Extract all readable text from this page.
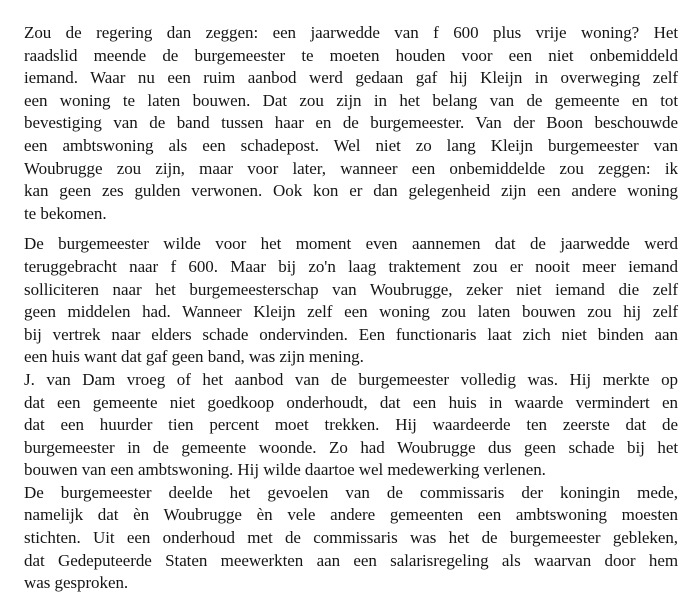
Zou de regering dan zeggen: een jaarwedde van f 600 plus vrije woning? Het
raadslid meende de burgemeester te moeten houden voor een niet onbemiddeld
iemand. Waar nu een ruim aanbod werd gedaan gaf hij Kleijn in overweging zelf
een woning te laten bouwen. Dat zou zijn in het belang van de gemeente en tot
bevestiging van de band tussen haar en de burgemeester. Van der Boon beschouwde
een ambtswoning als een schadepost. Wel niet zo lang Kleijn burgemeester van
Woubrugge zou zijn, maar voor later, wanneer een onbemiddelde zou zeggen: ik
kan geen zes gulden verwonen. Ook kon er dan gelegenheid zijn een andere woning
te bekomen.
De burgemeester wilde voor het moment even aannemen dat de jaarwedde werd
teruggebracht naar f 600. Maar bij zo'n laag traktement zou er nooit meer iemand
solliciteren naar het burgemeesterschap van Woubrugge, zeker niet iemand die zelf
geen middelen had. Wanneer Kleijn zelf een woning zou laten bouwen zou hij zelf
bij vertrek naar elders schade ondervinden. Een functionaris laat zich niet binden aan
een huis want dat gaf geen band, was zijn mening.
J. van Dam vroeg of het aanbod van de burgemeester volledig was. Hij merkte op
dat een gemeente niet goedkoop onderhoudt, dat een huis in waarde vermindert en
dat een huurder tien percent moet trekken. Hij waardeerde ten zeerste dat de
burgemeester in de gemeente woonde. Zo had Woubrugge dus geen schade bij het
bouwen van een ambtswoning. Hij wilde daartoe wel medewerking verlenen.
De burgemeester deelde het gevoelen van de commissaris der koningin mede,
namelijk dat èn Woubrugge èn vele andere gemeenten een ambtswoning moesten
stichten. Uit een onderhoud met de commissaris was het de burgemeester gebleken,
dat Gedeputeerde Staten meewerkten aan een salarisregeling als waarvan door hem
was gesproken.
